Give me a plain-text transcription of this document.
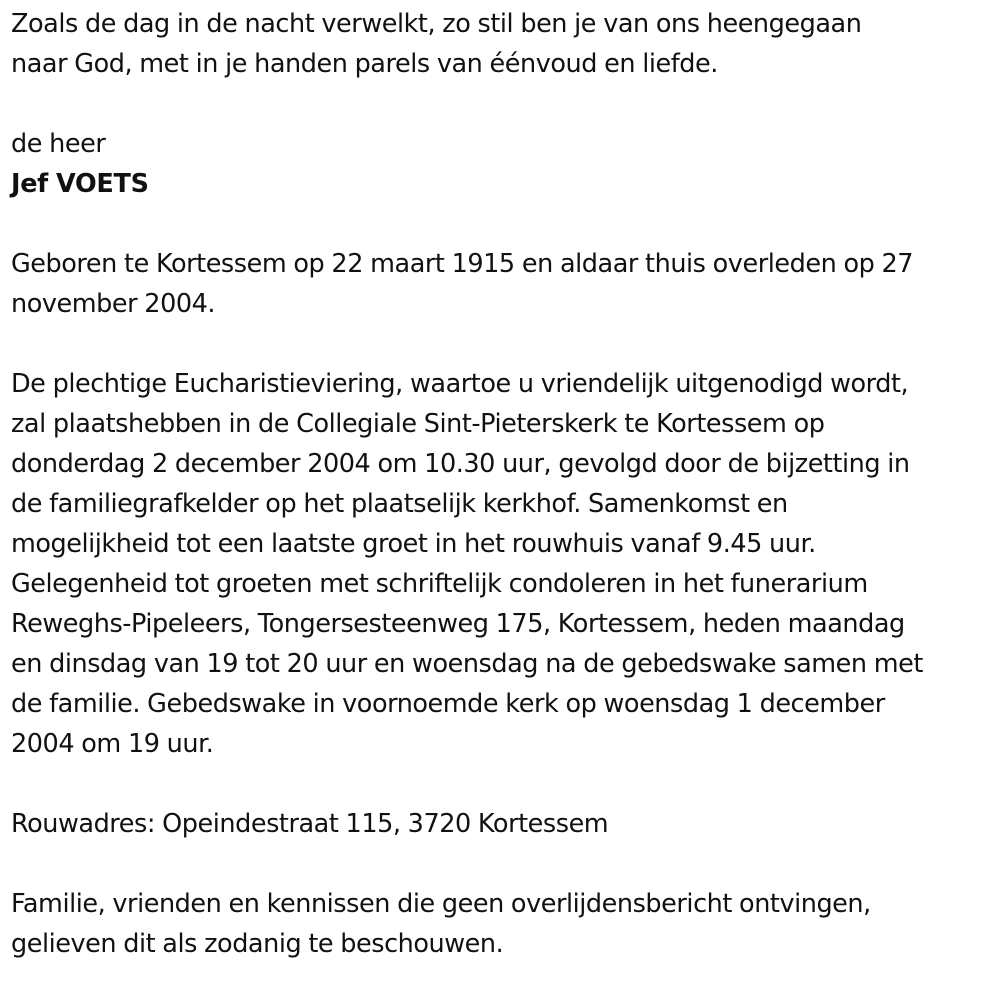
Zoals de dag in de nacht verwelkt, zo stil ben je van ons heengegaan

naar God, met in je handen parels van éénvoud en liefde.

de heer

Jef VOETS

Geboren te Kortessem op 22 maart 1915 en aldaar thuis overleden op 27

november 2004.

De plechtige Eucharistieviering, waartoe u vriendelijk uitgenodigd wordt,

zal plaatshebben in de Collegiale Sint-Pieterskerk te Kortessem op

donderdag 2 december 2004 om 10.30 uur, gevolgd door de bijzetting in

de familiegrafkelder op het plaatselijk kerkhof. Samenkomst en

mogelijkheid tot een laatste groet in het rouwhuis vanaf 9.45 uur.

Gelegenheid tot groeten met schriftelijk condoleren in het funerarium

Reweghs-Pipeleers, Tongersesteenweg 175, Kortessem, heden maandag

en dinsdag van 19 tot 20 uur en woensdag na de gebedswake samen met

de familie. Gebedswake in voornoemde kerk op woensdag 1 december

2004 om 19 uur.

Rouwadres: Opeindestraat 115, 3720 Kortessem

Familie, vrienden en kennissen die geen overlijdensbericht ontvingen,

gelieven dit als zodanig te beschouwen.
